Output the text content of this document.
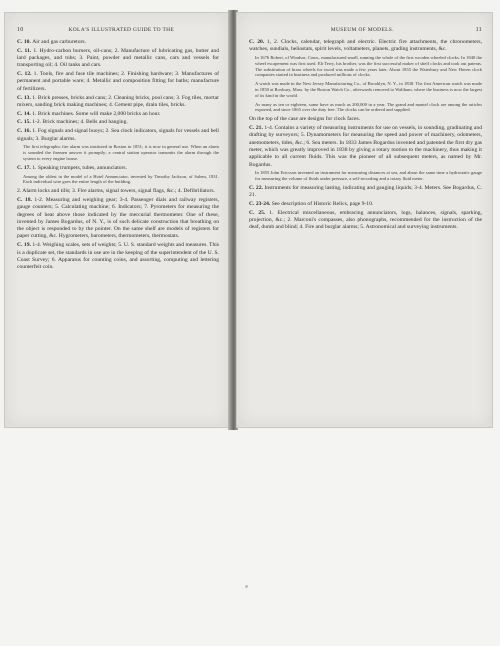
10	KOLA'S ILLUSTRATED GUIDE TO THE
C. 10. Air and gas carburetors.
C. 11. 1. Hydro-carbon burners, oil-cans; 2. Manufacture of lubricating gas, butter and lard packages, and tubs; 3. Paint, powder and metallic cans, cars and vessels for transporting oil; 4. Oil tanks and cars.
C. 12. 1. Tools, fire and fuse tile machines; 2. Finishing hardware; 3. Manufactures of permanent and portable ware; 4. Metallic and composition fitting for baths; manufacture of fertilizers.
C. 13. 1. Brick presses, bricks and cans; 2. Cleaning bricks, pool cans; 3. Fog tiles, mortar mixers, sanding brick making machines; 4. Cement pipe, drain tiles, bricks.
C. 14. 1. Brick machines. Some will make 2,000 bricks an hour.
C. 15. 1-2. Brick machines; 4. Bells and hanging.
C. 16. 1. Fog signals and signal buoys; 2. Sea clock indicators, signals for vessels and bell signals; 3. Burglar alarms.
The first telegraphic fire alarm was instituted in Boston in 1851; it is now in general use. When an alarm is sounded the firemen answer it promptly; a central station operator transmits the alarm through the system to every engine house.
C. 17. 1. Speaking trumpets, tubes, annunciators.
Among the oldest in the model of a Hotel Annunciator, invented by Timothy Jackson, of Salem, 1831. Each individual wire goes the entire length of the building.
2. Alarm locks and tills; 3. Fire alarms, signal towers, signal flags, &c.; 4. Defibrillators.
C. 18. 1-2. Measuring and weighing gear; 3-4. Passenger dials and railway registers, gauge counters; 5. Calculating machine; 6. Indicators; 7. Pyrometers for measuring the degrees of heat above those indicated by the mercurial thermometer. One of these, invented by James Bogardus, of N. Y., is of such delicate construction that breathing on the object is responded to by the pointer. On the same shelf are models of registers for paper cutting, &c. Hygrometers, barometers, thermometers, thermostats.
C. 19. 1-4. Weighing scales, sets of weights; 5. U. S. standard weights and measures. This is a duplicate set, the standards in use are in the keeping of the superintendent of the U. S. Coast Survey; 6. Apparatus for counting coins, and assorting, computing and lettering counterfeit coin.
MUSEUM OF MODELS.	11
C. 20. 1, 2. Clocks, calendar, telegraph and electric. Electric fire attachments, the chronometers, watches, sundials, heliostats, spirit levels, voltameters, planets, grading instruments, &c.
In 1676 Robert, of Windsor, Conn., manufactured small, running the whole of the first wooden wheeled clocks. In 1840 the wheel escapement was first used. Eli Terry, his brother, was the first successful maker of shelf clocks and took out patents. The substitution of brass wheels for wood was made a few years later. About 1855 the Waterbury and New Haven clock companies started in business and produced millions of clocks.
A watch was made in the New Jersey Manufacturing Co., of Brooklyn, N. Y., in 1838. The first American watch was made in 1850 at Roxbury, Mass. by the Boston Watch Co., afterwards removed to Waltham, where the business is now the largest of its kind in the world.
As many as ten or eighteen, some have as much as 200,000 in a year. The grand and mantel clock are among the articles exported, and since 1865 over the duty free. The clocks can be ordered and supplied.
On the top of the case are designs for clock faces.
C. 21. 1-4. Contains a variety of measuring instruments for use on vessels, in sounding, gradinating and drafting by surveyors; 5. Dynamometers for measuring the speed and power of machinery, odometers, anemometers, tides, &c.; 6. Sea meters. In 1833 James Bogardus invented and patented the first dry gas meter, which was greatly improved in 1838 by giving a rotary motion to the machinery, thus making it applicable to all current fluids. This was the pioneer of all subsequent meters, as named by Mr. Bogardus.
In 1855 John Ericsson invented an instrument for measuring distances at sea, and about the same time a hydrostatic gauge for measuring the volume of fluids under pressure, a self-recording and a rotary fluid meter.
C. 22. Instruments for measuring lasting, indicating and gauging liquids; 3-4. Meters. See Bogardus, C. 21.
C. 23-24. See description of Historic Relics, page 9-10.
C. 25. 1. Electrical miscellaneous, embracing annunciators, logs, balances, signals, sparking, projection, &c.; 2. Marconi's compasses, also phonographs, recommended for the instruction of the deaf, dumb and blind; 4. Fire and burglar alarms; 5. Astronomical and surveying instruments.
